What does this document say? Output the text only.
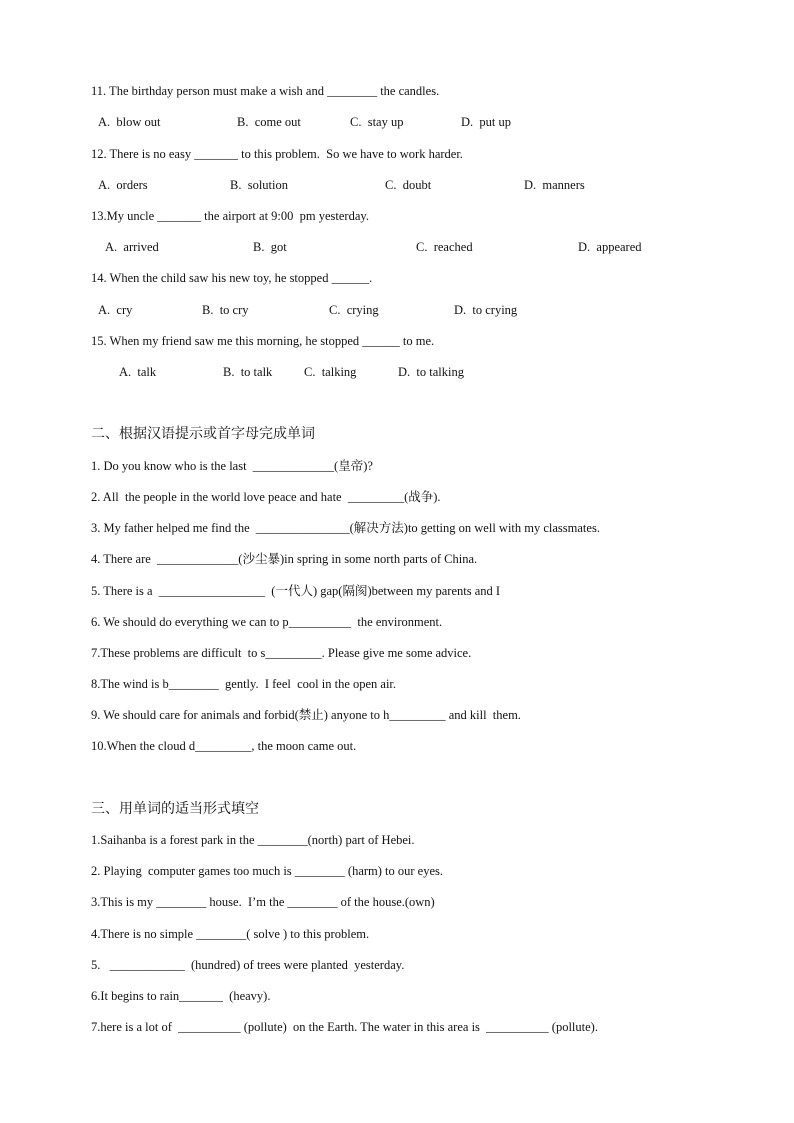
11. The birthday person must make a wish and ________ the candles.

A.  blow out

	B.  come out

	C.  stay up

	D.  put up

12. There is no easy _______ to this problem.  So we have to work harder.

A.  orders

	B.  solution

	C.  doubt

	D.  manners

13.My uncle _______ the airport at 9:00  pm yesterday.

A.  arrived

	B.  got

	C.  reached

	D.  appeared

14. When the child saw his new toy, he stopped ______.

A.  cry

	B.  to cry

	C.  crying

	D.  to crying

15. When my friend saw me this morning, he stopped ______ to me.

A.  talk

	B.  to talk

	C.  talking

	D.  to talking

二、根据汉语提示或首字母完成单词
1. Do you know who is the last  _____________(皇帝)?
2. All  the people in the world love peace and hate  _________(战争).
3. My father helped me find the  _______________(解决方法)to getting on well with my classmates.
4. There are  _____________(沙尘暴)in spring in some north parts of China.
5. There is a  _________________  (一代人) gap(隔阂)between my parents and I
6. We should do everything we can to p__________  the environment.
7.These problems are difficult  to s_________. Please give me some advice.
8.The wind is b________  gently.  I feel  cool in the open air.
9. We should care for animals and forbid(禁止) anyone to h_________ and kill  them.
10.When the cloud d_________, the moon came out.
三、用单词的适当形式填空
1.Saihanba is a forest park in the ________(north) part of Hebei.
2. Playing  computer games too much is ________ (harm) to our eyes.
3.This is my ________ house.  I’m the ________ of the house.(own)
4.There is no simple ________( solve ) to this problem.
5.   ____________  (hundred) of trees were planted  yesterday.
6.It begins to rain_______  (heavy).
7.here is a lot of  __________ (pollute)  on the Earth. The water in this area is  __________ (pollute).
